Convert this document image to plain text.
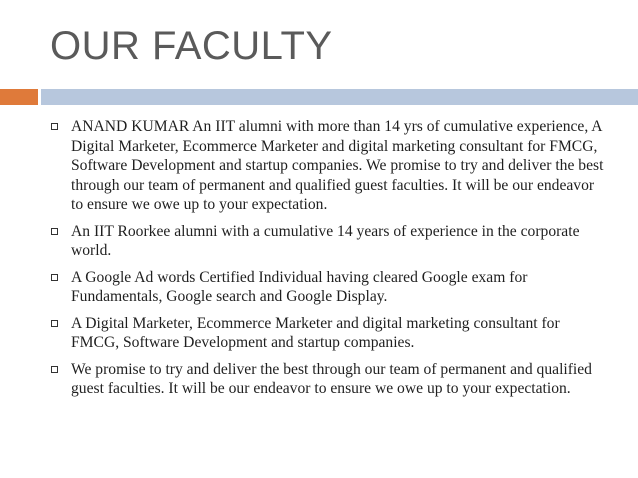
OUR FACULTY
ANAND KUMAR An IIT alumni with more than 14 yrs of cumulative experience, A Digital Marketer, Ecommerce Marketer and digital marketing consultant for FMCG, Software Development and startup companies. We promise to try and deliver the best through our team of permanent and qualified guest faculties. It will be our endeavor to ensure we owe up to your expectation.
An IIT Roorkee alumni with a cumulative 14 years of experience in the corporate world.
A Google Ad words Certified Individual having cleared Google exam for Fundamentals, Google search and Google Display.
A Digital Marketer, Ecommerce Marketer and digital marketing consultant for FMCG, Software Development and startup companies.
We promise to try and deliver the best through our team of permanent and qualified guest faculties. It will be our endeavor to ensure we owe up to your expectation.
